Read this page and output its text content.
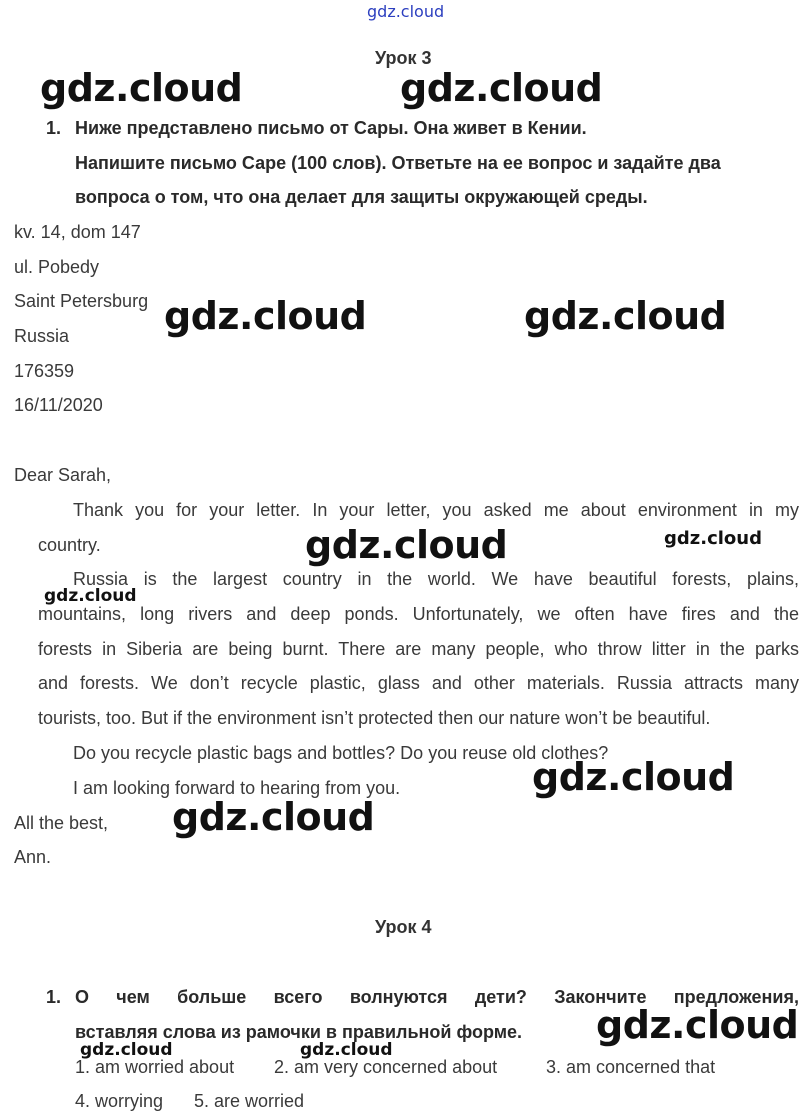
gdz.cloud
Урок 3
1. Ниже представлено письмо от Сары. Она живет в Кении.
Напишите письмо Саре (100 слов). Ответьте на ее вопрос и задайте два
вопроса о том, что она делает для защиты окружающей среды.
kv. 14, dom 147
ul. Pobedy
Saint Petersburg
Russia
176359
16/11/2020
Dear Sarah,
Thank you for your letter. In your letter, you asked me about environment in my
country.
Russia is the largest country in the world. We have beautiful forests, plains,
mountains, long rivers and deep ponds. Unfortunately, we often have fires and the
forests in Siberia are being burnt. There are many people, who throw litter in the parks
and forests. We don’t recycle plastic, glass and other materials. Russia attracts many
tourists, too. But if the environment isn’t protected then our nature won’t be beautiful.
Do you recycle plastic bags and bottles? Do you reuse old clothes?
I am looking forward to hearing from you.
All the best,
Ann.
Урок 4
1. О чем больше всего волнуются дети? Закончите предложения,
вставляя слова из рамочки в правильной форме.
1. am worried about 2. am very concerned about	3. am concerned that
4. worrying 5. are worried
gdz.cloud	gdz.cloud
gdz.cloud	gdz.cloud
gdz.cloud	gdz.cloud
gdz.cloud
gdz.cloud
gdz.cloud
gdz.cloud
gdz.cloud	gdz.cloud
